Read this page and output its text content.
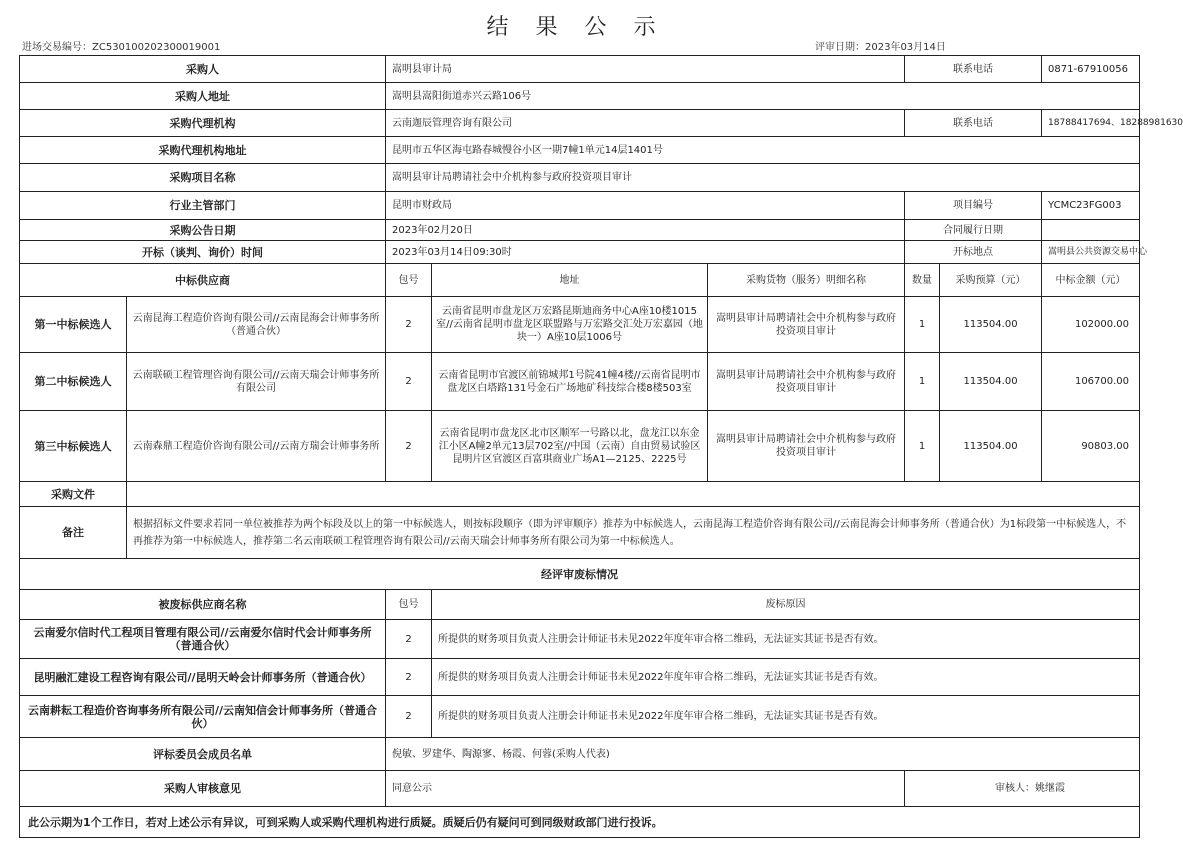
结 果 公 示
进场交易编号：ZC530100202300019001	评审日期：2023年03月14日
采购人		嵩明县审计局			联系电话		0871-67910056
采购人地址		嵩明县嵩阳街道赤兴云路106号					
采购代理机构		云南迦辰管理咨询有限公司			联系电话		18788417694、18288981630
采购代理机构地址		昆明市五华区海屯路春城慢谷小区一期7幢1单元14层1401号					
采购项目名称		嵩明县审计局聘请社会中介机构参与政府投资项目审计					
行业主管部门		昆明市财政局			项目编号		YCMC23FG003
采购公告日期		2023年02月20日			合同履行日期		
开标（谈判、询价）时间		2023年03月14日09:30时			开标地点		嵩明县公共资源交易中心
中标供应商		包号	地址	采购货物（服务）明细名称	数量	采购预算（元）	中标金额（元）
第一中标候选人	云南昆海工程造价咨询有限公司//云南昆海会计师事务所（普通合伙）	2	云南省昆明市盘龙区万宏路昆斯迪商务中心A座10楼1015室//云南省昆明市盘龙区联盟路与万宏路交汇处万宏嘉园（地块一）A座10层1006号	嵩明县审计局聘请社会中介机构参与政府投资项目审计	1	113504.00	102000.00
第二中标候选人	云南联硕工程管理咨询有限公司//云南天瑞会计师事务所有限公司	2	云南省昆明市官渡区前锦城邦1号院41幢4楼//云南省昆明市盘龙区白塔路131号金石广场地矿科技综合楼8楼503室	嵩明县审计局聘请社会中介机构参与政府投资项目审计	1	113504.00	106700.00
第三中标候选人	云南森鼎工程造价咨询有限公司//云南方瑞会计师事务所	2	云南省昆明市盘龙区北市区顺军一号路以北，盘龙江以东金江小区A幢2单元13层702室//中国（云南）自由贸易试验区昆明片区官渡区百富琪商业广场A1—2125、2225号	嵩明县审计局聘请社会中介机构参与政府投资项目审计	1	113504.00	90803.00
采购文件							
备注	根据招标文件要求若同一单位被推荐为两个标段及以上的第一中标候选人，则按标段顺序（即为评审顺序）推荐为中标候选人，云南昆海工程造价咨询有限公司//云南昆海会计师事务所（普通合伙）为1标段第一中标候选人，不再推荐为第一中标候选人，推荐第二名云南联硕工程管理咨询有限公司//云南天瑞会计师事务所有限公司为第一中标候选人。						
经评审废标情况							
被废标供应商名称		包号	废标原因				
云南爱尔信时代工程项目管理有限公司//云南爱尔信时代会计师事务所（普通合伙）		2	所提供的财务项目负责人注册会计师证书未见2022年度年审合格二维码，无法证实其证书是否有效。				
昆明融汇建设工程咨询有限公司//昆明天岭会计师事务所（普通合伙）		2	所提供的财务项目负责人注册会计师证书未见2022年度年审合格二维码，无法证实其证书是否有效。				
云南耕耘工程造价咨询事务所有限公司//云南知信会计师事务所（普通合伙）		2	所提供的财务项目负责人注册会计师证书未见2022年度年审合格二维码，无法证实其证书是否有效。				
评标委员会成员名单		倪敏、罗建华、陶源寥、杨霞、何蓉(采购人代表)					
采购人审核意见		同意公示			审核人：姚继霞		
此公示期为1个工作日，若对上述公示有异议，可到采购人或采购代理机构进行质疑。质疑后仍有疑问可到同级财政部门进行投诉。							
